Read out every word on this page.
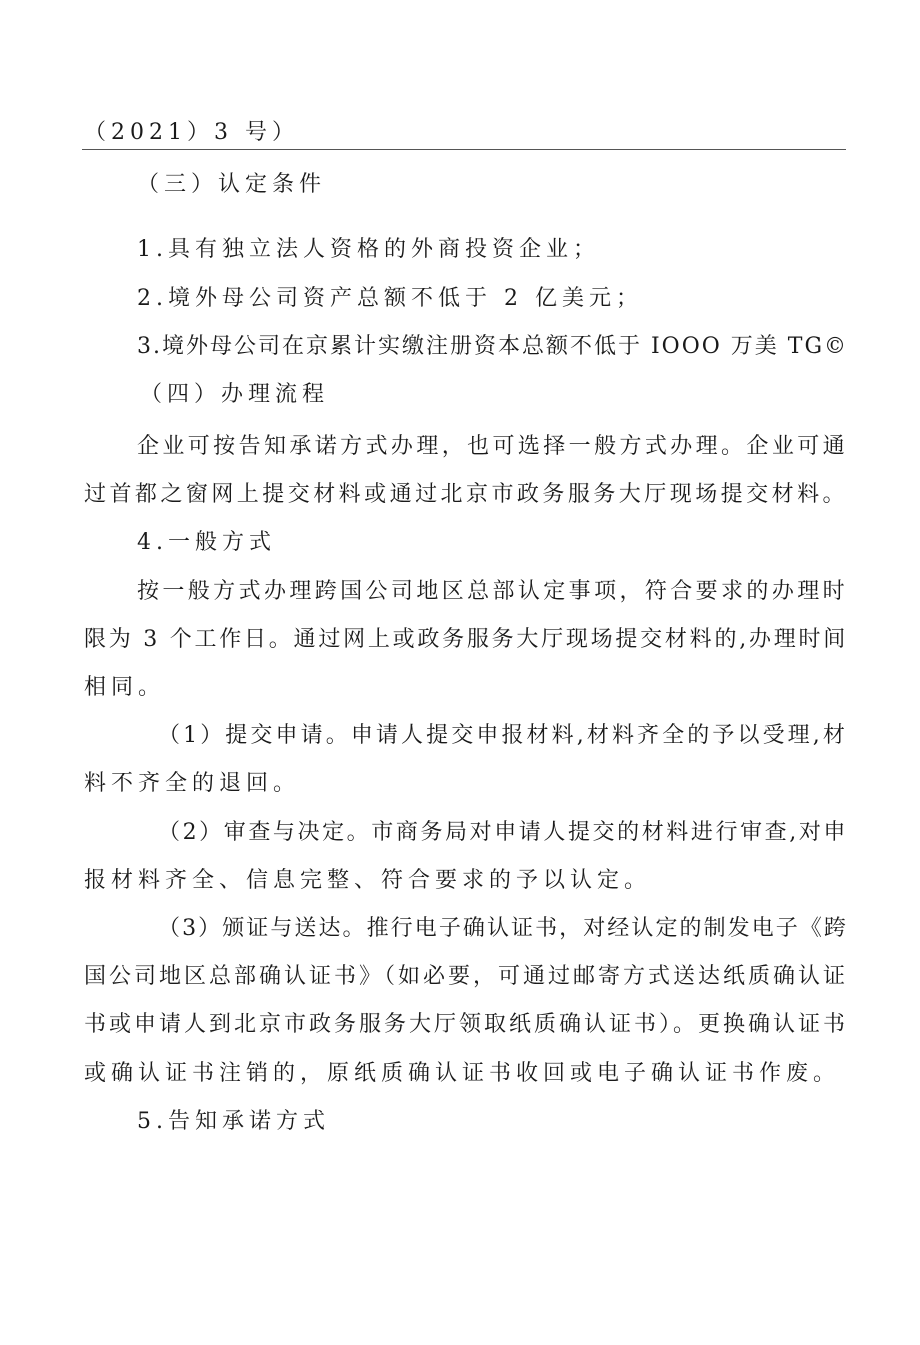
（2021）3 号）
（三）认定条件
1.具有独立法人资格的外商投资企业；
2.境外母公司资产总额不低于 2 亿美元；
3.境外母公司在京累计实缴注册资本总额不低于 IOOO 万美 TG©
（四）办理流程
企业可按告知承诺方式办理，也可选择一般方式办理。企业可通
过首都之窗网上提交材料或通过北京市政务服务大厅现场提交材料。
4.一般方式
按一般方式办理跨国公司地区总部认定事项，符合要求的办理时
限为 3 个工作日。通过网上或政务服务大厅现场提交材料的,办理时间
相同。
（1）提交申请。申请人提交申报材料,材料齐全的予以受理,材
料不齐全的退回。
（2）审查与决定。市商务局对申请人提交的材料进行审查,对申
报材料齐全、信息完整、符合要求的予以认定。
（3）颁证与送达。推行电子确认证书，对经认定的制发电子《跨
国公司地区总部确认证书》（如必要，可通过邮寄方式送达纸质确认证
书或申请人到北京市政务服务大厅领取纸质确认证书）。更换确认证书
或确认证书注销的，原纸质确认证书收回或电子确认证书作废。
5.告知承诺方式
